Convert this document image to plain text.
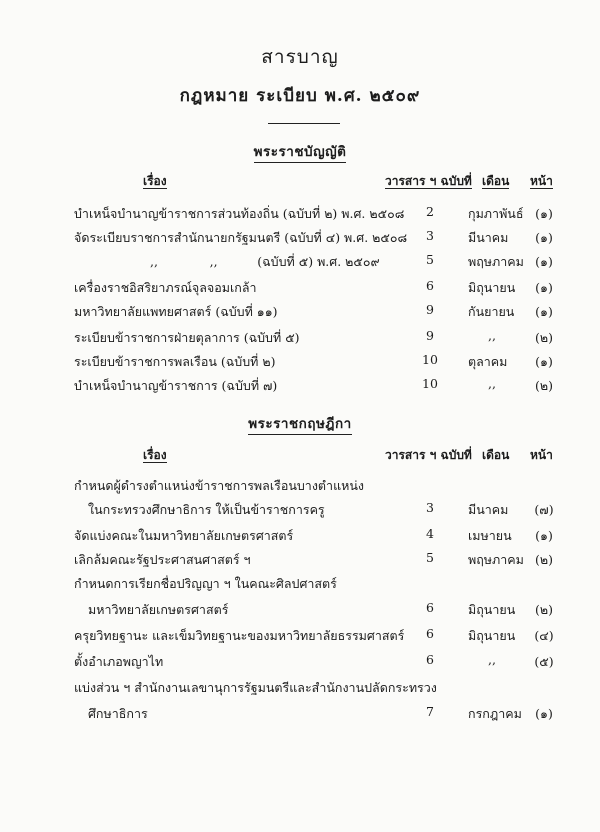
สารบาญ
กฎหมาย ระเบียบ พ.ศ. ๒๕๐๙
พระราชบัญญัติ
เรื่อง	วารสาร ฯ ฉบับที่ เดือน หน้า
บำเหน็จบำนาญข้าราชการส่วนท้องถิ่น (ฉบับที่ ๒) พ.ศ. ๒๕๐๘	2	กุมภาพันธ์ (๑)
จัดระเบียบราชการสำนักนายกรัฐมนตรี (ฉบับที่ ๔) พ.ศ. ๒๕๐๘	3	มีนาคม	(๑)
,,             ,,          (ฉบับที่ ๕) พ.ศ. ๒๕๐๙	5	พฤษภาคม (๑)
เครื่องราชอิสริยาภรณ์จุลจอมเกล้า	6	มิถุนายน	(๑)
มหาวิทยาลัยแพทยศาสตร์ (ฉบับที่ ๑๑)	9	กันยายน	(๑)
ระเบียบข้าราชการฝ่ายตุลาการ (ฉบับที่ ๕)	9	,,	(๒)
ระเบียบข้าราชการพลเรือน (ฉบับที่ ๒)	10 ตุลาคม	(๑)
บำเหน็จบำนาญข้าราชการ (ฉบับที่ ๗)	10	,,	(๒)
พระราชกฤษฎีกา
เรื่อง	วารสาร ฯ ฉบับที่ เดือน หน้า
กำหนดผู้ดำรงตำแหน่งข้าราชการพลเรือนบางตำแหน่ง
ในกระทรวงศึกษาธิการ ให้เป็นข้าราชการครู	3	มีนาคม	(๗)
จัดแบ่งคณะในมหาวิทยาลัยเกษตรศาสตร์	4	เมษายน	(๑)
เลิกล้มคณะรัฐประศาสนศาสตร์ ฯ	5	พฤษภาคม (๒)
กำหนดการเรียกชื่อปริญญา ฯ ในคณะศิลปศาสตร์
มหาวิทยาลัยเกษตรศาสตร์	6	มิถุนายน	(๒)
ครุยวิทยฐานะ และเข็มวิทยฐานะของมหาวิทยาลัยธรรมศาสตร์	6	มิถุนายน	(๔)
ตั้งอำเภอพญาไท	6	,,	(๕)
แบ่งส่วน ฯ สำนักงานเลขานุการรัฐมนตรีและสำนักงานปลัดกระทรวง
ศึกษาธิการ	7	กรกฎาคม	(๑)
